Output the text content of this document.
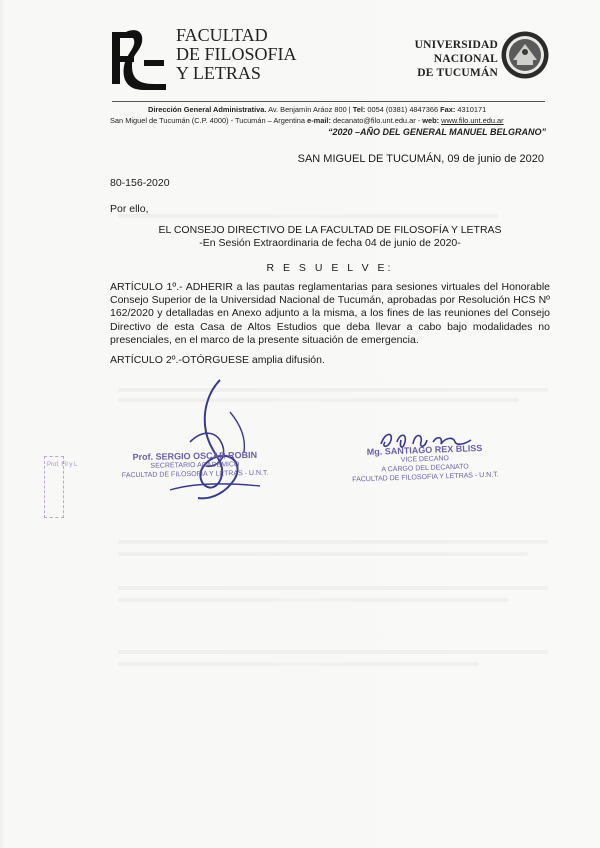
FACULTAD
DE FILOSOFIA
Y LETRAS
UNIVERSIDAD
NACIONAL
DE TUCUMÁN
Dirección General Administrativa. Av. Benjamín Aráoz 800 | Tel: 0054 (0381) 4847366 Fax: 4310171
San Miguel de Tucumán (C.P. 4000) - Tucumán – Argentina e-mail: decanato@filo.unt.edu.ar - web: www.filo.unt.edu.ar
“2020 –AÑO DEL GENERAL MANUEL BELGRANO”
SAN MIGUEL DE TUCUMÁN, 09 de junio de 2020
80-156-2020
Por ello,
EL CONSEJO DIRECTIVO DE LA FACULTAD DE FILOSOFÍA Y LETRAS
-En Sesión Extraordinaria de fecha 04 de junio de 2020-
R E S U E L V E:
ARTÍCULO 1º.- ADHERIR a las pautas reglamentarias para sesiones virtuales del Honorable Consejo Superior de la Universidad Nacional de Tucumán, aprobadas por Resolución HCS Nº 162/2020 y detalladas en Anexo adjunto a la misma, a los fines de las reuniones del Consejo Directivo de esta Casa de Altos Estudios que deba llevar a cabo bajo modalidades no presenciales, en el marco de la presente situación de emergencia.
ARTÍCULO 2º.-OTÓRGUESE amplia difusión.
Prof. SERGIO OSCAR ROBIN
SECRETARIO ACADEMICO
FACULTAD DE FILOSOFIA Y LETRAS - U.N.T.
Mg. SANTIAGO REX BLISS
VICE DECANO
A CARGO DEL DECANATO
FACULTAD DE FILOSOFIA Y LETRAS - U.N.T.
Prof. Fil y L
